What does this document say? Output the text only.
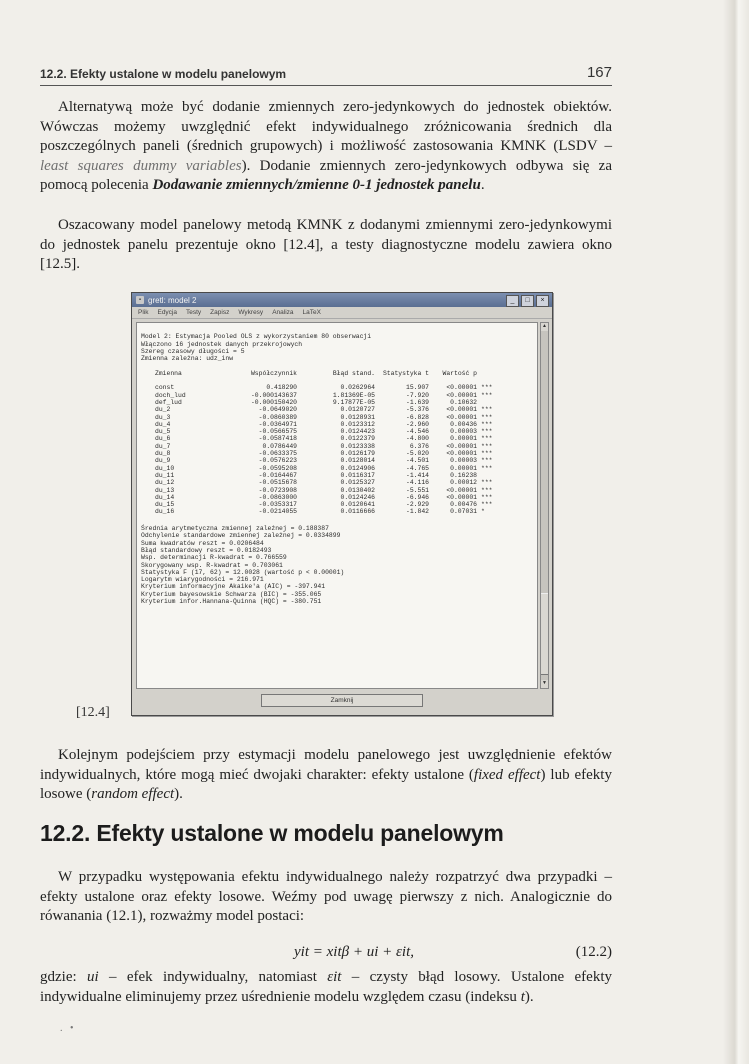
12.2. Efekty ustalone w modelu panelowym	167

Alternatywą może być dodanie zmiennych zero-jedynkowych do jednostek obiektów. Wówczas możemy uwzględnić efekt indywidualnego zróżnicowania średnich dla poszczególnych paneli (średnich grupowych) i możliwość zastosowania KMNK (LSDV – least squares dummy variables). Dodanie zmiennych zero-jedynkowych odbywa się za pomocą polecenia Dodawanie zmiennych/zmienne 0-1 jednostek panelu.

Oszacowany model panelowy metodą KMNK z dodanymi zmiennymi zero-jedynkowymi do jednostek panelu prezentuje okno [12.4], a testy diagnostyczne modelu zawiera okno [12.5].

▪ gretl: model 2	_	□	×
Plik Edycja Testy Zapisz Wykresy Analiza LaTeX
Model 2: Estymacja Pooled OLS z wykorzystaniem 80 obserwacji
Włączono 16 jednostek danych przekrojowych
Szereg czasowy długości = 5
Zmienna zależna: udz_inw
Zmienna	Współczynnik	Błąd stand.	Statystyka t	Wartość p	

const	0.418290	0.0262964	15.907	<0.00001	***
doch_lud	-0.000143637	1.81369E-05	-7.920	<0.00001	***
def_lud	-0.000150420	9.17877E-05	-1.639	0.10632	
du_2	-0.0649020	0.0120727	-5.376	<0.00001	***
du_3	-0.0860389	0.0128931	-6.828	<0.00001	***
du_4	-0.0364971	0.0123312	-2.960	0.00436	***
du_5	-0.0566575	0.0124423	-4.546	0.00003	***
du_6	-0.0587418	0.0122379	-4.800	0.00001	***
du_7	0.0786449	0.0123338	6.376	<0.00001	***
du_8	-0.0633375	0.0126179	-5.020	<0.00001	***
du_9	-0.0576223	0.0128014	-4.501	0.00003	***
du_10	-0.0595208	0.0124906	-4.765	0.00001	***
du_11	-0.0164467	0.0116317	-1.414	0.16238	
du_12	-0.0515678	0.0125327	-4.116	0.00012	***
du_13	-0.0723908	0.0130402	-5.551	<0.00001	***
du_14	-0.0863000	0.0124246	-6.946	<0.00001	***
du_15	-0.0353317	0.0120641	-2.929	0.00476	***
du_16	-0.0214055	0.0116666	-1.842	0.07031	*
Średnia arytmetyczna zmiennej zależnej = 0.188387
Odchylenie standardowe zmiennej zależnej = 0.0334899
Suma kwadratów reszt = 0.0206484
Błąd standardowy reszt = 0.0182493
Wsp. determinacji R-kwadrat = 0.766559
Skorygowany wsp. R-kwadrat = 0.703061
Statystyka F (17, 62) = 12.0028 (wartość p < 0.00001)
Logarytm wiarygodności = 216.971
Kryterium informacyjne Akaike'a (AIC) = -397.941
Kryterium bayesowskie Schwarza (BIC) = -355.065
Kryterium infor.Hannana-Quinna (HQC) = -380.751
▲
▼
Zamknij
[12.4]

Kolejnym podejściem przy estymacji modelu panelowego jest uwzględnienie efektów indywidualnych, które mogą mieć dwojaki charakter: efekty ustalone (fixed effect) lub efekty losowe (random effect).

12.2. Efekty ustalone w modelu panelowym

W przypadku występowania efektu indywidualnego należy rozpatrzyć dwa przypadki – efekty ustalone oraz efekty losowe. Weźmy pod uwagę pierwszy z nich. Analogicznie do rówanania (12.1), rozważmy model postaci:

yit = xitβ + ui + εit,	(12.2)

gdzie: ui – efek indywidualny, natomiast εit – czysty błąd losowy. Ustalone efekty indywidualne eliminujemy przez uśrednienie modelu względem czasu (indeksu t).

.   •
